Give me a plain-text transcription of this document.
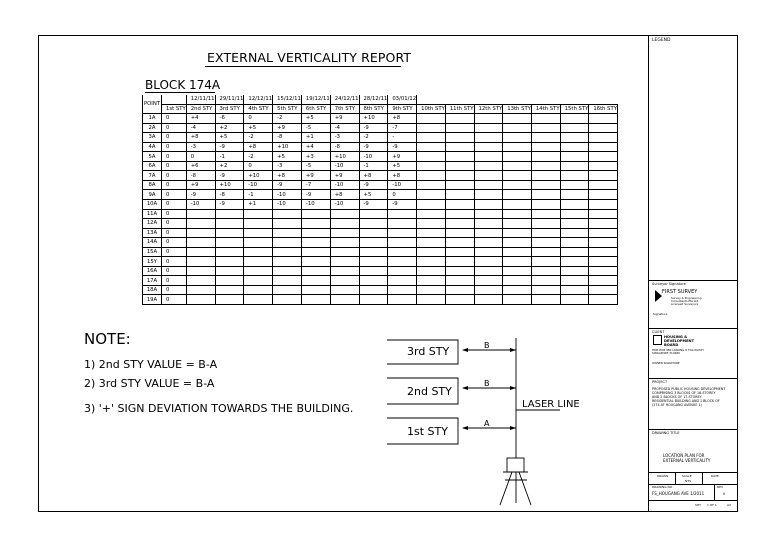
EXTERNAL VERTICALITY REPORT
BLOCK 174A
POINT		12/11/11	29/11/11	12/12/11	15/12/11	19/12/11	24/12/11	28/12/11	03/01/12							
	1st STY	2nd STY	3rd STY	4th STY	5th STY	6th STY	7th STY	8th STY	9th STY	10th STY	11th STY	12th STY	13th STY	14th STY	15th STY	16th STY
1A	0	+4	-6	0	-2	+5	+9	+10	+8							
2A	0	-4	+2	+5	+9	-5	-4	-9	-7							
3A	0	+8	+5	-2	-8	+1	-3	-2	-							
4A	0	-3	-9	+8	+10	+4	-8	-9	-9							
5A	0	0	-1	-2	+5	+3	+10	-10	+9							
6A	0	+6	+2	0	-3	-5	-10	-1	+5							
7A	0	-8	-9	+10	+8	+9	+9	+8	+8							
8A	0	+9	+10	-10	-9	-7	-10	-9	-10							
9A	0	-9	-8	-1	-10	-9	+8	+5	0							
10A	0	-10	-9	+1	-10	-10	-10	-9	-9							
11A	0															
12A	0															
13A	0															
14A	0															
15A	0															
15Y	0															
16A	0															
17A	0															
18A	0															
19A	0															
NOTE:
1) 2nd STY VALUE = B-A
2) 3rd STY VALUE = B-A
3) '+' SIGN DEVIATION TOWARDS THE BUILDING.
3rd STY
2nd STY
1st STY
B
B
A
LASER LINE
LEGEND
Surveyor Signature
FIRST SURVEY
Survey & Engineering
Consultants Pte Ltd
Licensed Surveyors
Signature
CLIENT
HOUSING &
DEVELOPMENT
BOARD
HDB HUB 480 LORONG 6 TOA PAYOH
SINGAPORE 310480
OWNER SIGNATURE
PROJECT
PROPOSED PUBLIC HOUSING DEVELOPMENT
COMPRISING 3 BLOCKS OF 16-STOREY
AND 2 BLOCKS OF 17-STOREY
RESIDENTIAL BUILDING AND 1 BLOCK OF
(174 AT HOUGANG AVENUE 1)
DRAWING TITLE
LOCATION PLAN FOR
EXTERNAL VERTICALITY
DRAWN	SCALE	DATE
NTS
DRAWING NO.
FS_HOUGANG AVE 1/2011
REV
0
SHT 1 OF 1	A3
